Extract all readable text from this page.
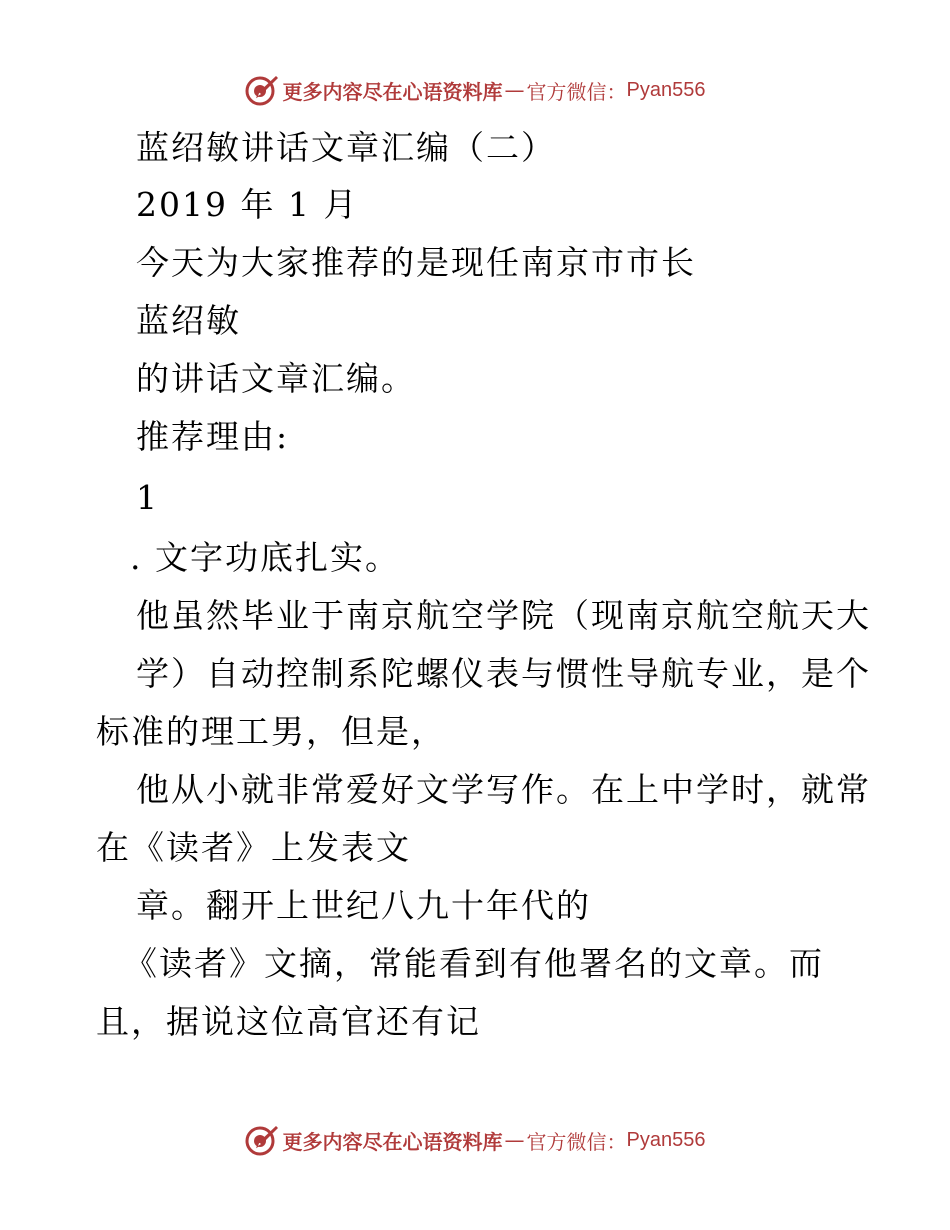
更多内容尽在心语资料库 — 官方微信： Pyan556
蓝绍敏讲话文章汇编（二）
2019 年 1 月
今天为大家推荐的是现任南京市市长
蓝绍敏
的讲话文章汇编。
推荐理由:
1
. 文字功底扎实。
他虽然毕业于南京航空学院（现南京航空航天大
学）自动控制系陀螺仪表与惯性导航专业，是个
标准的理工男，但是，
他从小就非常爱好文学写作。在上中学时，就常
在《读者》上发表文
章。翻开上世纪八九十年代的
《读者》文摘，常能看到有他署名的文章。而
且，据说这位高官还有记
更多内容尽在心语资料库 — 官方微信： Pyan556
